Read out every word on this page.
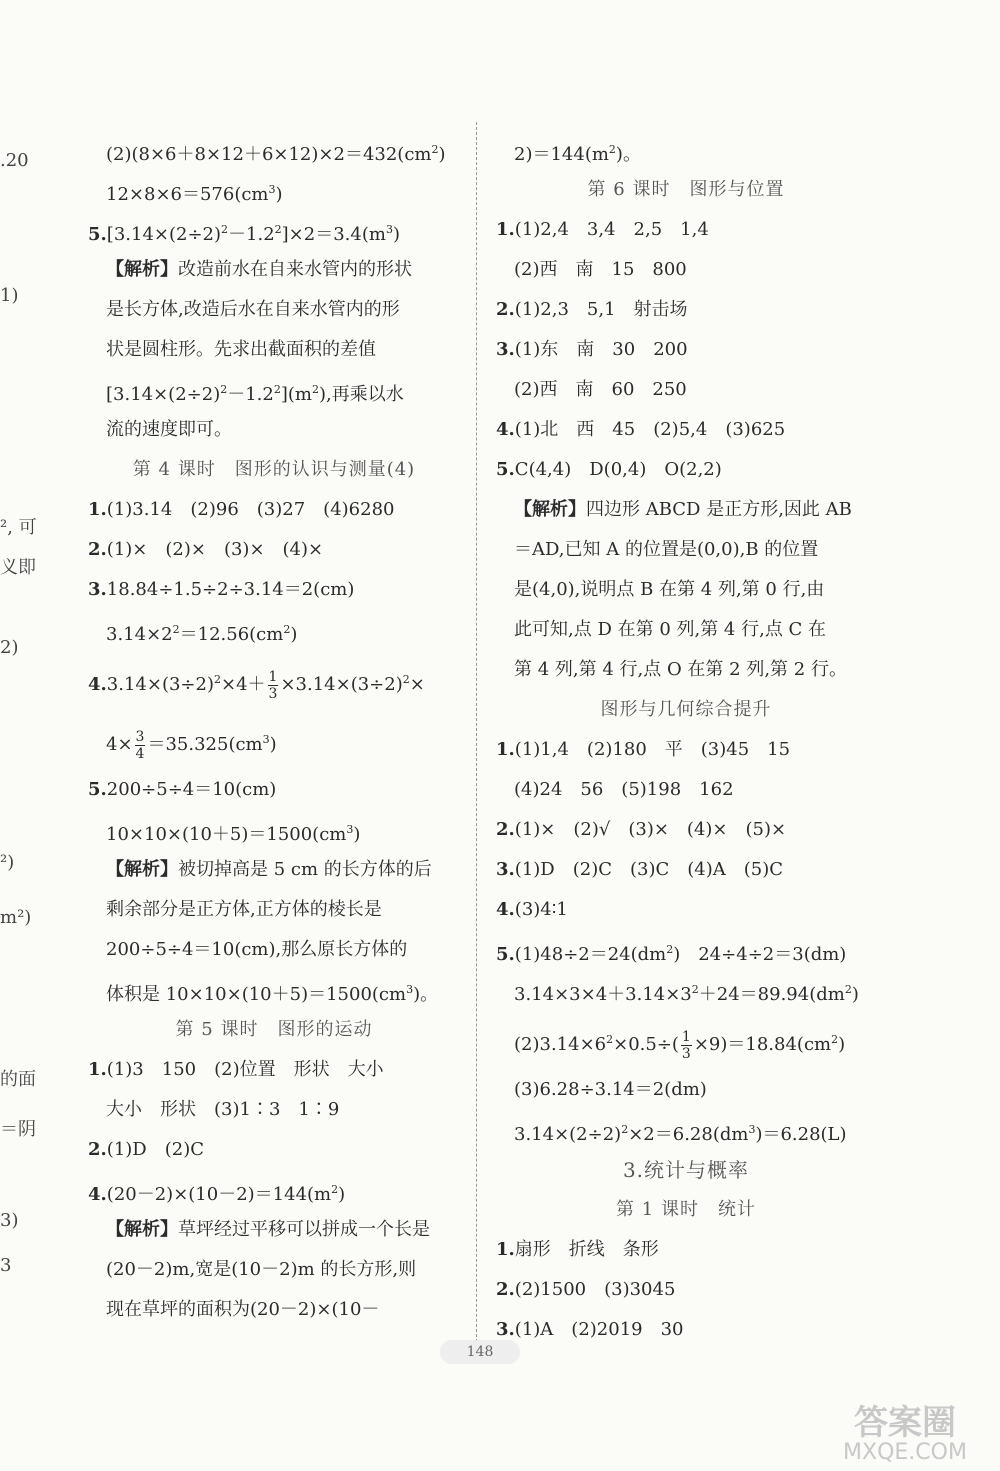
.20
1)
², 可
义即
2)
²)
m²)
的面
＝阴
3)
3
$(2)(8\times 6+8\times 12+6\times 12)\times 2=432(cm^2)$
$12\times 8\times 6=576(cm^3)$
$5.[3.14\times(2\div 2)^2-1.2^2]\times 2=3.4(m^3)$
【解析】改造前水在自来水管内的形状
是长方体,改造后水在自来水管内的形
状是圆柱形。先求出截面积的差值
$[3.14\times(2\div 2)^2-1.2^2](m^2)$,再乘以水
流的速度即可。
第 4 课时　图形的认识与测量(4)
1.(1)3.14　(2)96　(3)27　(4)6280
2.(1)×　(2)×　(3)×　(4)×
3.18.84÷1.5÷2÷3.14＝2(cm)
$3.14\times 2^2=12.56(cm^2)$
$4.3.14\times(3\div 2)^2\times 4+ \frac{1}{3} \times 3.14\times(3\div 2)^2\times$
$4\times \frac{3}{4} =35.325(cm^3)$
5.200÷5÷4＝10(cm)
$10\times 10\times(10+5)=1500(cm^3)$
【解析】被切掉高是 5 cm 的长方体的后
剩余部分是正方体,正方体的棱长是
200÷5÷4＝10(cm),那么原长方体的
体积是 $10\times 10\times(10+5)=1500(cm^3)$。
第 5 课时　图形的运动
1.(1)3　150　(2)位置　形状　大小
大小　形状　(3)1∶3　1∶9
2.(1)D　(2)C
$4.(20-2)\times(10-2)=144(m^2)$
【解析】草坪经过平移可以拼成一个长是
(20－2)m,宽是(10－2)m 的长方形,则
现在草坪的面积为(20－2)×(10－
$2)=144(m^2)$。
第 6 课时　图形与位置
1.(1)2,4　3,4　2,5　1,4
(2)西　南　15　800
2.(1)2,3　5,1　射击场
3.(1)东　南　30　200
(2)西　南　60　250
4.(1)北　西　45　(2)5,4　(3)625
5.C(4,4)　D(0,4)　O(2,2)
【解析】四边形 ABCD 是正方形,因此 AB
＝AD,已知 A 的位置是(0,0),B 的位置
是(4,0),说明点 B 在第 4 列,第 0 行,由
此可知,点 D 在第 0 列,第 4 行,点 C 在
第 4 列,第 4 行,点 O 在第 2 列,第 2 行。
图形与几何综合提升
1.(1)1,4　(2)180　平　(3)45　15
(4)24　56　(5)198　162
2.(1)×　(2)√　(3)×　(4)×　(5)×
3.(1)D　(2)C　(3)C　(4)A　(5)C
4.(3)4∶1
$5.(1)48\div 2=24(dm^2)$　24÷4÷2＝3(dm)
$3.14\times 3\times 4+3.14\times 3^2+24=89.94(dm^2)$
$(2)3.14\times 6^2\times 0.5\div( \frac{1}{3} \times 9)=18.84(cm^2)$
(3)6.28÷3.14＝2(dm)
$3.14\times(2\div 2)^2\times 2=6.28(dm^3)=6.28(L)$
3.统计与概率
第 1 课时　统计
1.扇形　折线　条形
2.(2)1500　(3)3045
3.(1)A　(2)2019　30
148
答案圈
MXQE.COM
